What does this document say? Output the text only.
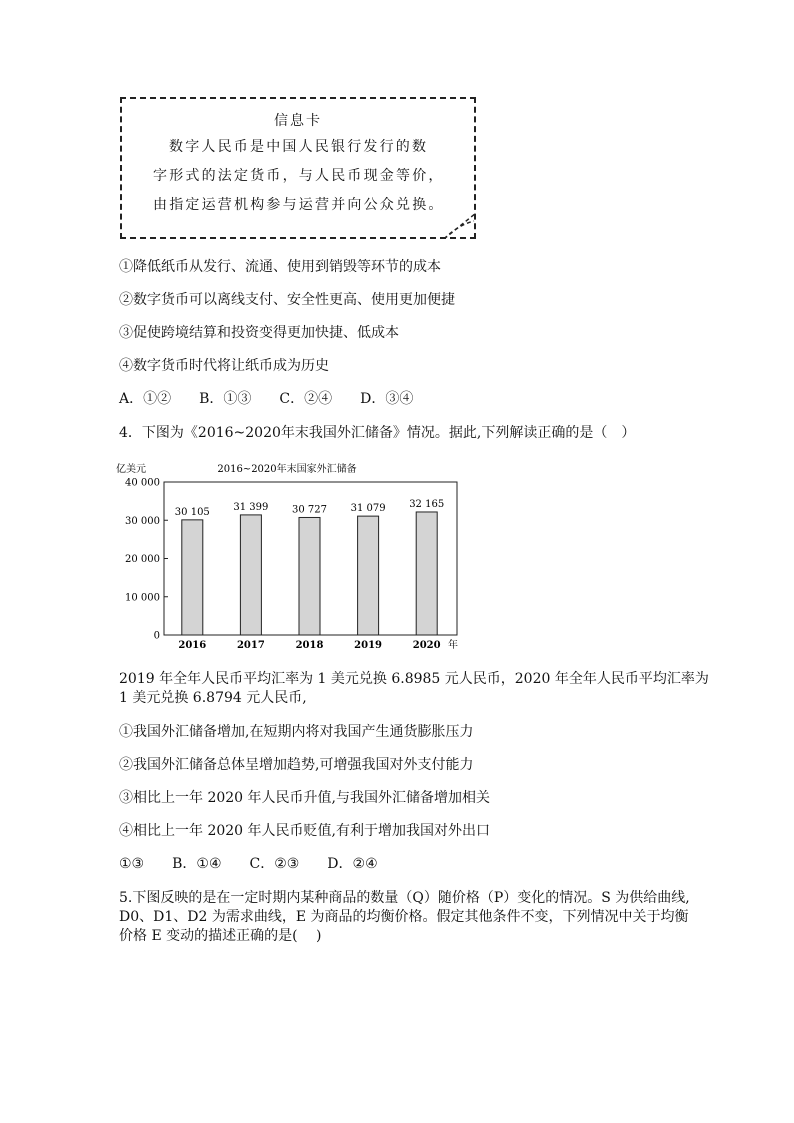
信息卡
数字人民币是中国人民银行发行的数
字形式的法定货币，与人民币现金等价，
由指定运营机构参与运营并向公众兑换。
①降低纸币从发行、流通、使用到销毁等环节的成本
②数字货币可以离线支付、安全性更高、使用更加便捷
③促使跨境结算和投资变得更加快捷、低成本
④数字货币时代将让纸币成为历史
A．①②　　B．①③　　C．②④　　D．③④
4．下图为《2016~2020年末我国外汇储备》情况。据此,下列解读正确的是（　）
亿美元	2016~2020年末国家外汇储备
年
0
10 000
20 000
30 000
40 000
2016	2017	2018	2019	2020
30 105 31 399 30 727 31 079 32 165
2019 年全年人民币平均汇率为 1 美元兑换 6.8985 元人民币，2020 年全年人民币平均汇率为
1 美元兑换 6.8794 元人民币,
①我国外汇储备增加,在短期内将对我国产生通货膨胀压力
②我国外汇储备总体呈增加趋势,可增强我国对外支付能力
③相比上一年 2020 年人民币升值,与我国外汇储备增加相关
④相比上一年 2020 年人民币贬值,有利于增加我国对外出口
①③　　B．①④　　C．②③　　D．②④
5.下图反映的是在一定时期内某种商品的数量（Q）随价格（P）变化的情况。S 为供给曲线,
D0、D1、D2 为需求曲线，E 为商品的均衡价格。假定其他条件不变，下列情况中关于均衡
价格 E 变动的描述正确的是(　 )
